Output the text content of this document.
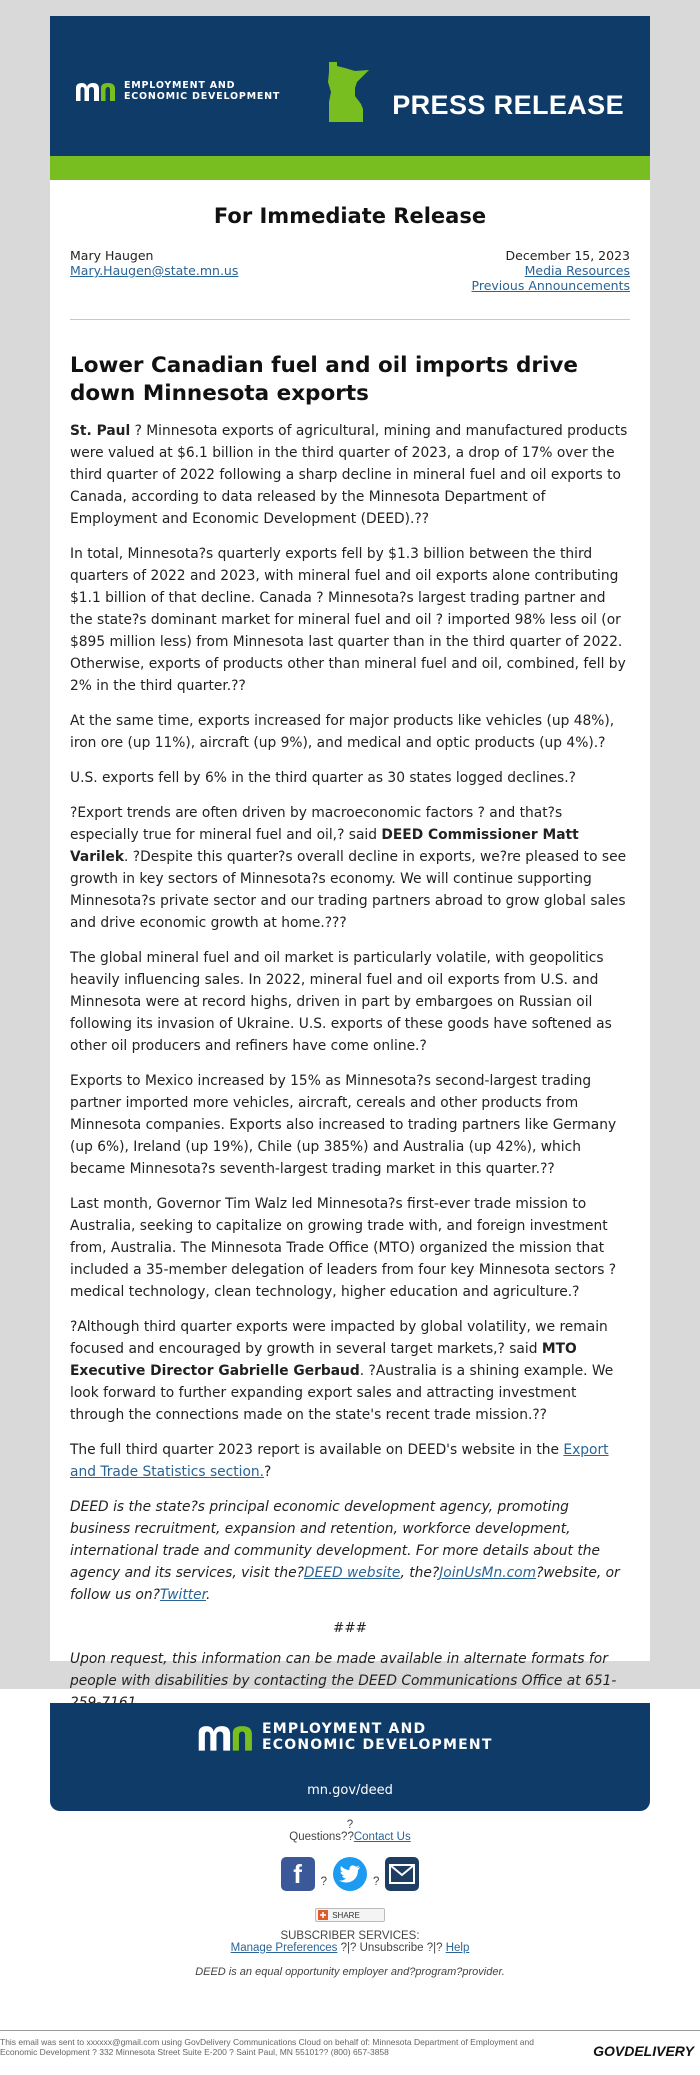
EMPLOYMENT AND
ECONOMIC DEVELOPMENT	PRESS RELEASE
For Immediate Release
Mary Haugen
Mary.Haugen@state.mn.us
December 15, 2023
Media Resources
Previous Announcements
Lower Canadian fuel and oil imports drive down Minnesota exports

St. Paul ? Minnesota exports of agricultural, mining and manufactured products were valued at $6.1 billion in the third quarter of 2023, a drop of 17% over the third quarter of 2022 following a sharp decline in mineral fuel and oil exports to Canada, according to data released by the Minnesota Department of Employment and Economic Development (DEED).??

In total, Minnesota?s quarterly exports fell by $1.3 billion between the third quarters of 2022 and 2023, with mineral fuel and oil exports alone contributing $1.1 billion of that decline. Canada ? Minnesota?s largest trading partner and the state?s dominant market for mineral fuel and oil ? imported 98% less oil (or $895 million less) from Minnesota last quarter than in the third quarter of 2022. Otherwise, exports of products other than mineral fuel and oil, combined, fell by 2% in the third quarter.??

At the same time, exports increased for major products like vehicles (up 48%), iron ore (up 11%), aircraft (up 9%), and medical and optic products (up 4%).?

U.S. exports fell by 6% in the third quarter as 30 states logged declines.?

?Export trends are often driven by macroeconomic factors ? and that?s especially true for mineral fuel and oil,? said DEED Commissioner Matt Varilek. ?Despite this quarter?s overall decline in exports, we?re pleased to see growth in key sectors of Minnesota?s economy. We will continue supporting Minnesota?s private sector and our trading partners abroad to grow global sales and drive economic growth at home.???

The global mineral fuel and oil market is particularly volatile, with geopolitics heavily influencing sales. In 2022, mineral fuel and oil exports from U.S. and Minnesota were at record highs, driven in part by embargoes on Russian oil following its invasion of Ukraine. U.S. exports of these goods have softened as other oil producers and refiners have come online.?

Exports to Mexico increased by 15% as Minnesota?s second-largest trading partner imported more vehicles, aircraft, cereals and other products from Minnesota companies. Exports also increased to trading partners like Germany (up 6%), Ireland (up 19%), Chile (up 385%) and Australia (up 42%), which became Minnesota?s seventh-largest trading market in this quarter.??

Last month, Governor Tim Walz led Minnesota?s first-ever trade mission to Australia, seeking to capitalize on growing trade with, and foreign investment from, Australia. The Minnesota Trade Office (MTO) organized the mission that included a 35-member delegation of leaders from four key Minnesota sectors ? medical technology, clean technology, higher education and agriculture.?

?Although third quarter exports were impacted by global volatility, we remain focused and encouraged by growth in several target markets,? said MTO Executive Director Gabrielle Gerbaud. ?Australia is a shining example. We look forward to further expanding export sales and attracting investment through the connections made on the state's recent trade mission.??

The full third quarter 2023 report is available on DEED's website in the Export and Trade Statistics section.?

DEED is the state?s principal economic development agency, promoting business recruitment, expansion and retention, workforce development, international trade and community development. For more details about the agency and its services, visit the?DEED website, the?JoinUsMn.com?website, or follow us on?Twitter.

###

Upon request, this information can be made available in alternate formats for people with disabilities by contacting the DEED Communications Office at 651-

EMPLOYMENT AND
ECONOMIC DEVELOPMENT
mn.gov/deed
?
Questions??Contact Us
f	?	?
SHARE
SUBSCRIBER SERVICES:
Manage Preferences ?|? Unsubscribe ?|? Help
DEED is an equal opportunity employer and?program?provider.
This email was sent to xxxxxx@gmail.com using GovDelivery Communications Cloud on behalf of: Minnesota Department of Employment and Economic Development ? 332 Minnesota Street Suite E-200 ? Saint Paul, MN 55101?? (800) 657-3858	GOVDELIVERY
